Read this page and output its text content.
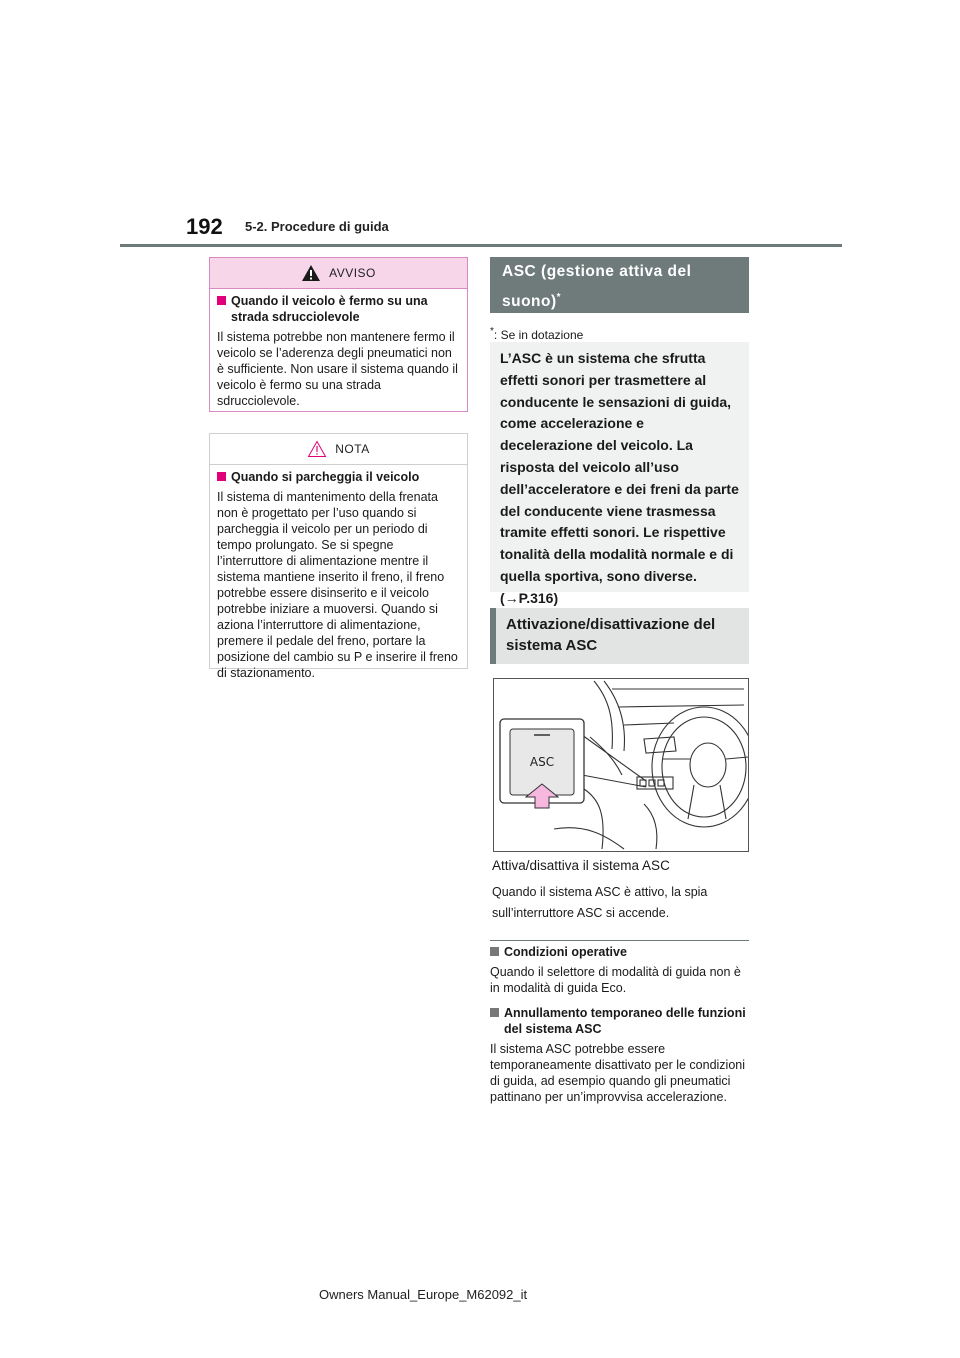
192 5-2. Procedure di guida
AVVISO
Quando il veicolo è fermo su una strada sdrucciolevole

Il sistema potrebbe non mantenere fermo il veicolo se l’aderenza degli pneumatici non è sufficiente. Non usare il sistema quando il veicolo è fermo su una strada sdrucciolevole.

NOTA
Quando si parcheggia il veicolo

Il sistema di mantenimento della frenata non è progettato per l’uso quando si parcheggia il veicolo per un periodo di tempo prolungato. Se si spegne l’interruttore di alimentazione mentre il sistema mantiene inserito il freno, il freno potrebbe essere disinserito e il veicolo potrebbe iniziare a muoversi. Quando si aziona l’interruttore di alimentazione, premere il pedale del freno, portare la posizione del cambio su P e inserire il freno di stazionamento.

ASC (gestione attiva del suono)*
*: Se in dotazione
L’ASC è un sistema che sfrutta effetti sonori per trasmettere al conducente le sensazioni di guida, come accelerazione e decelerazione del veicolo. La risposta del veicolo all’uso dell’acceleratore e dei freni da parte del conducente viene trasmessa tramite effetti sonori. Le rispettive tonalità della modalità normale e di quella sportiva, sono diverse. (→P.316)
Attivazione/disattivazione del sistema ASC
ASC
Attiva/disattiva il sistema ASC
Quando il sistema ASC è attivo, la spia sull’interruttore ASC si accende.
Condizioni operative

Quando il selettore di modalità di guida non è in modalità di guida Eco.

Annullamento temporaneo delle funzioni del sistema ASC

Il sistema ASC potrebbe essere temporaneamente disattivato per le condizioni di guida, ad esempio quando gli pneumatici pattinano per un’improvvisa accelerazione.

Owners Manual_Europe_M62092_it
